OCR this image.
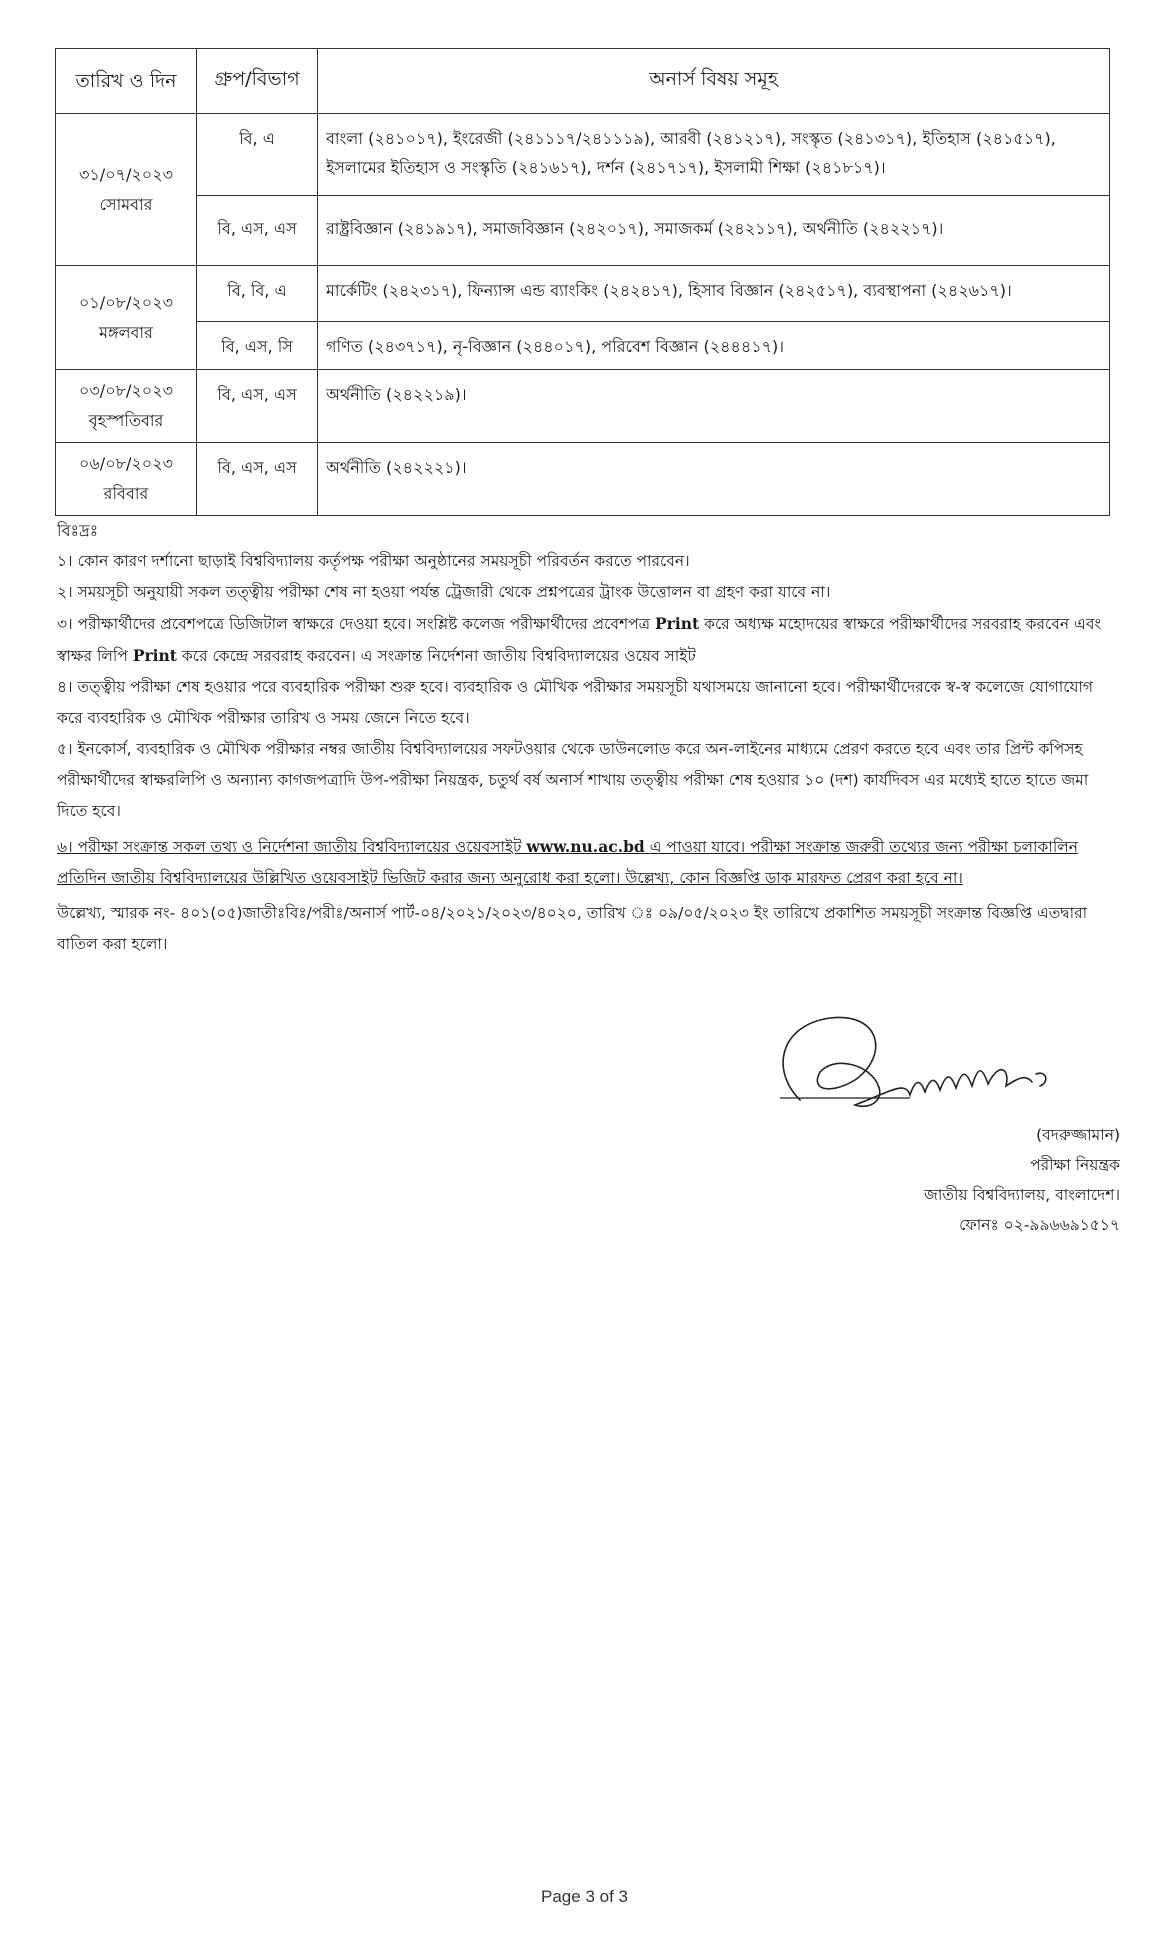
তারিখ ও দিন	গ্রুপ/বিভাগ	অনার্স বিষয় সমূহ

৩১/০৭/২০২৩
সোমবার	বি, এ	বাংলা (২৪১০১৭), ইংরেজী (২৪১১১৭/২৪১১১৯), আরবী (২৪১২১৭), সংস্কৃত (২৪১৩১৭), ইতিহাস (২৪১৫১৭), ইসলামের ইতিহাস ও সংস্কৃতি (২৪১৬১৭), দর্শন (২৪১৭১৭), ইসলামী শিক্ষা (২৪১৮১৭)।
	বি, এস, এস	রাষ্ট্রবিজ্ঞান (২৪১৯১৭), সমাজবিজ্ঞান (২৪২০১৭), সমাজকর্ম (২৪২১১৭), অর্থনীতি (২৪২২১৭)।

০১/০৮/২০২৩
মঙ্গলবার	বি, বি, এ	মার্কেটিং (২৪২৩১৭), ফিন্যান্স এন্ড ব্যাংকিং (২৪২৪১৭), হিসাব বিজ্ঞান (২৪২৫১৭), ব্যবস্থাপনা (২৪২৬১৭)।
	বি, এস, সি	গণিত (২৪৩৭১৭), নৃ-বিজ্ঞান (২৪৪০১৭), পরিবেশ বিজ্ঞান (২৪৪৪১৭)।

০৩/০৮/২০২৩
বৃহস্পতিবার	বি, এস, এস	অর্থনীতি (২৪২২১৯)।

০৬/০৮/২০২৩
রবিবার	বি, এস, এস	অর্থনীতি (২৪২২২১)।

বিঃদ্রঃ

১। কোন কারণ দর্শানো ছাড়াই বিশ্ববিদ্যালয় কর্তৃপক্ষ পরীক্ষা অনুষ্ঠানের সময়সূচী পরিবর্তন করতে পারবেন।

২। সময়সূচী অনুযায়ী সকল তত্ত্বীয় পরীক্ষা শেষ না হওয়া পর্যন্ত ট্রেজারী থেকে প্রশ্নপত্রের ট্রাংক উত্তোলন বা গ্রহণ করা যাবে না।

৩। পরীক্ষার্থীদের প্রবেশপত্রে ডিজিটাল স্বাক্ষরে দেওয়া হবে। সংশ্লিষ্ট কলেজ পরীক্ষার্থীদের প্রবেশপত্র Print করে অধ্যক্ষ মহোদয়ের স্বাক্ষরে পরীক্ষার্থীদের সরবরাহ করবেন এবং স্বাক্ষর লিপি Print করে কেন্দ্রে সরবরাহ করবেন। এ সংক্রান্ত নির্দেশনা জাতীয় বিশ্ববিদ্যালয়ের ওয়েব সাইট

৪। তত্ত্বীয় পরীক্ষা শেষ হওয়ার পরে ব্যবহারিক পরীক্ষা শুরু হবে। ব্যবহারিক ও মৌখিক পরীক্ষার সময়সূচী যথাসময়ে জানানো হবে। পরীক্ষার্থীদেরকে স্ব-স্ব কলেজে যোগাযোগ করে ব্যবহারিক ও মৌখিক পরীক্ষার তারিখ ও সময় জেনে নিতে হবে।

৫। ইনকোর্স, ব্যবহারিক ও মৌখিক পরীক্ষার নম্বর জাতীয় বিশ্ববিদ্যালয়ের সফটওয়ার থেকে ডাউনলোড করে অন-লাইনের মাধ্যমে প্রেরণ করতে হবে এবং তার প্রিন্ট কপিসহ পরীক্ষার্থীদের স্বাক্ষরলিপি ও অন্যান্য কাগজপত্রাদি উপ-পরীক্ষা নিয়ন্ত্রক, চতুর্থ বর্ষ অনার্স শাখায় তত্ত্বীয় পরীক্ষা শেষ হওয়ার ১০ (দশ) কার্যদিবস এর মধ্যেই হাতে হাতে জমা দিতে হবে।

৬। পরীক্ষা সংক্রান্ত সকল তথ্য ও নির্দেশনা জাতীয় বিশ্ববিদ্যালয়ের ওয়েবসাইট www.nu.ac.bd এ পাওয়া যাবে। পরীক্ষা সংক্রান্ত জরুরী তথ্যের জন্য পরীক্ষা চলাকালিন প্রতিদিন জাতীয় বিশ্ববিদ্যালয়ের উল্লিখিত ওয়েবসাইট ভিজিট করার জন্য অনুরোধ করা হলো। উল্লেখ্য, কোন বিজ্ঞপ্তি ডাক মারফত প্রেরণ করা হবে না।

উল্লেখ্য, স্মারক নং- ৪০১(০৫)জাতীঃবিঃ/পরীঃ/অনার্স পার্ট-০৪/২০২১/২০২৩/৪০২০, তারিখ ঃ ০৯/০৫/২০২৩ ইং তারিখে প্রকাশিত সময়সূচী সংক্রান্ত বিজ্ঞপ্তি এতদ্বারা বাতিল করা হলো।

(বদরুজ্জামান)
পরীক্ষা নিয়ন্ত্রক
জাতীয় বিশ্ববিদ্যালয়, বাংলাদেশ।
ফোনঃ ০২-৯৯৬৬৯১৫১৭
Page 3 of 3
